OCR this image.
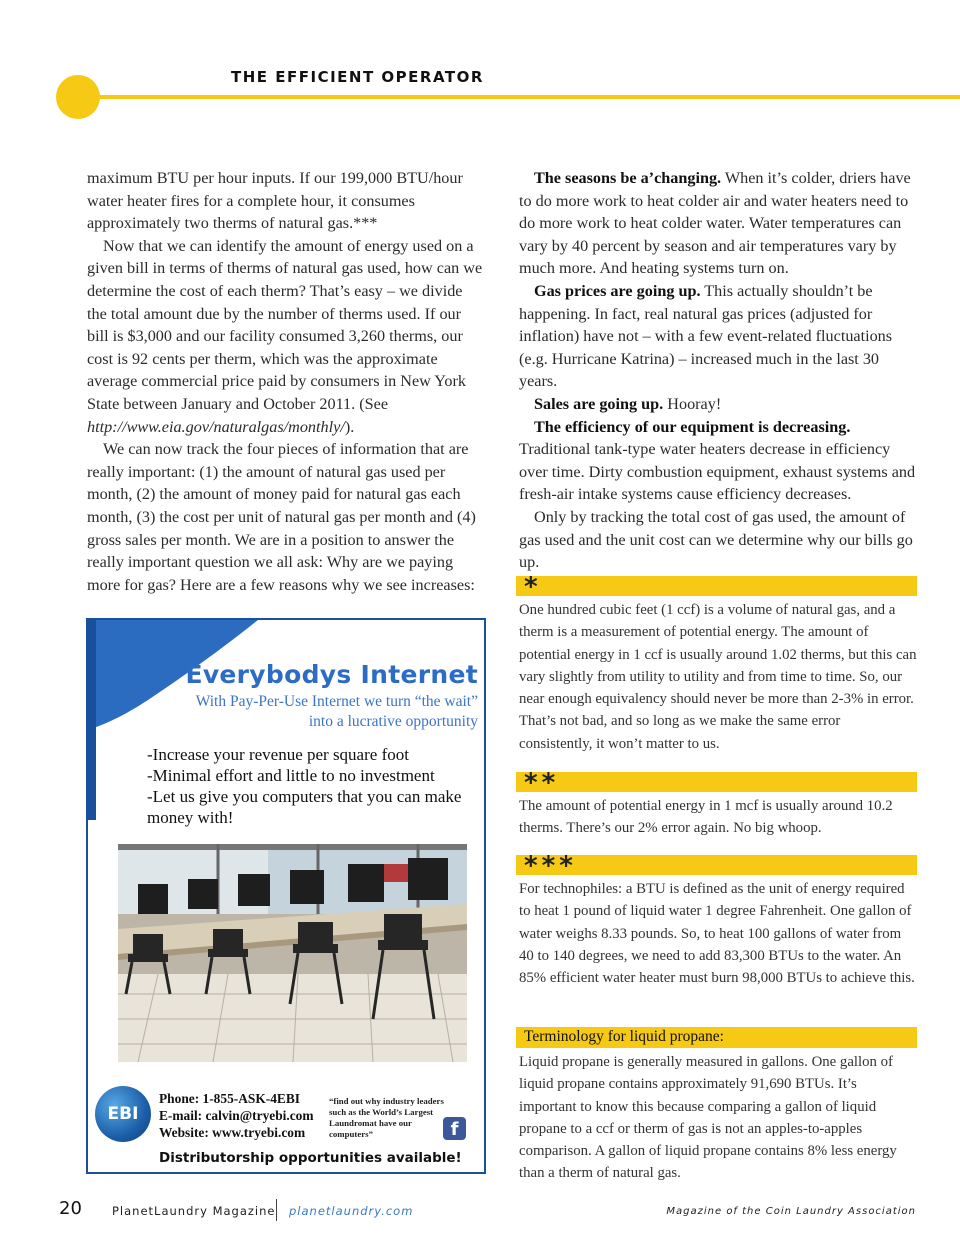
THE EFFICIENT OPERATOR

maximum BTU per hour inputs. If our 199,000 BTU/hour water heater fires for a complete hour, it consumes approximately two therms of natural gas.***

Now that we can identify the amount of energy used on a given bill in terms of therms of natural gas used, how can we determine the cost of each therm? That’s easy – we divide the total amount due by the number of therms used. If our bill is $3,000 and our facility consumed 3,260 therms, our cost is 92 cents per therm, which was the approximate average commercial price paid by consumers in New York State between January and October 2011. (See http://www.eia.gov/naturalgas/monthly/).

We can now track the four pieces of information that are really important: (1) the amount of natural gas used per month, (2) the amount of money paid for natural gas each month, (3) the cost per unit of natural gas per month and (4) gross sales per month. We are in a position to answer the really important question we all ask: Why are we paying more for gas? Here are a few reasons why we see increases:

The seasons be a’changing. When it’s colder, driers have to do more work to heat colder air and water heaters need to do more work to heat colder water. Water temperatures can vary by 40 percent by season and air temperatures vary by much more. And heating systems turn on.

Gas prices are going up. This actually shouldn’t be happening. In fact, real natural gas prices (adjusted for inflation) have not – with a few event-related fluctuations (e.g. Hurricane Katrina) – increased much in the last 30 years.

Sales are going up. Hooray!

The efficiency of our equipment is decreasing. Traditional tank-type water heaters decrease in efficiency over time. Dirty combustion equipment, exhaust systems and fresh-air intake systems cause efficiency decreases.

Only by tracking the total cost of gas used, the amount of gas used and the unit cost can we determine why our bills go up.

*

One hundred cubic feet (1 ccf) is a volume of natural gas, and a therm is a measurement of potential energy. The amount of potential energy in 1 ccf is usually around 1.02 therms, but this can vary slightly from utility to utility and from time to time. So, our near enough equivalency should never be more than 2-3% in error. That’s not bad, and so long as we make the same error consistently, it won’t matter to us.

**

The amount of potential energy in 1 mcf is usually around 10.2 therms. There’s our 2% error again. No big whoop.

***

For technophiles: a BTU is defined as the unit of energy required to heat 1 pound of liquid water 1 degree Fahrenheit. One gallon of water weighs 8.33 pounds. So, to heat 100 gallons of water from 40 to 140 degrees, we need to add 83,300 BTUs to the water. An 85% efficient water heater must burn 98,000 BTUs to achieve this.

Terminology for liquid propane:

Liquid propane is generally measured in gallons. One gallon of liquid propane contains approximately 91,690 BTUs. It’s important to know this because comparing a gallon of liquid propane to a ccf or therm of gas is not an apples-to-apples comparison. A gallon of liquid propane contains 8% less energy than a therm of natural gas.

Everybodys Internet
With Pay-Per-Use Internet we turn “the wait” into a lucrative opportunity
-Increase your revenue per square foot
-Minimal effort and little to no investment
-Let us give you computers that you can make money with!
EBI
Phone: 1-855-ASK-4EBI
E-mail: calvin@tryebi.com
Website: www.tryebi.com
“find out why industry leaders such as the World’s Largest Laundromat have our computers”	f
Distributorship opportunities available!
20	PlanetLaundry Magazine planetlaundry.com	Magazine of the Coin Laundry Association
